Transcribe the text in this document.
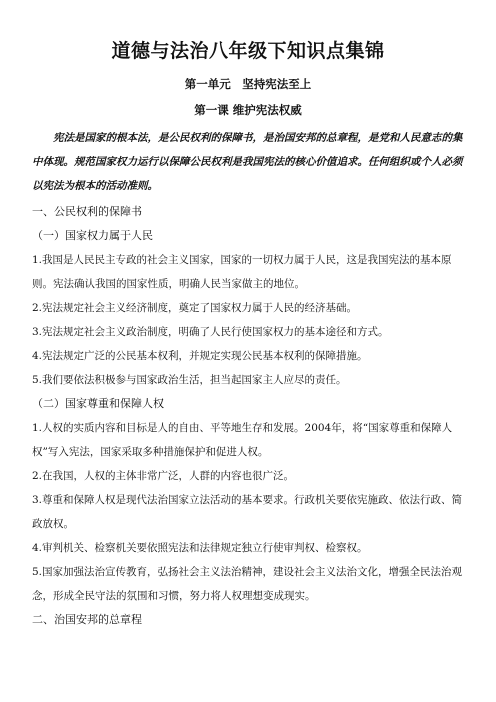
道德与法治八年级下知识点集锦
第一单元　坚持宪法至上
第一课 维护宪法权威

宪法是国家的根本法，是公民权利的保障书，是治国安邦的总章程，是党和人民意志的集中体现。规范国家权力运行以保障公民权利是我国宪法的核心价值追求。任何组织或个人必须以宪法为根本的活动准则。

一、公民权利的保障书

（一）国家权力属于人民

1.我国是人民民主专政的社会主义国家，国家的一切权力属于人民，这是我国宪法的基本原则。宪法确认我国的国家性质，明确人民当家做主的地位。

2.宪法规定社会主义经济制度，奠定了国家权力属于人民的经济基础。

3.宪法规定社会主义政治制度，明确了人民行使国家权力的基本途径和方式。

4.宪法规定广泛的公民基本权利，并规定实现公民基本权利的保障措施。

5.我们要依法积极参与国家政治生活，担当起国家主人应尽的责任。

（二）国家尊重和保障人权

1.人权的实质内容和目标是人的自由、平等地生存和发展。2004年，将“国家尊重和保障人权”写入宪法，国家采取多种措施保护和促进人权。

2.在我国，人权的主体非常广泛，人群的内容也很广泛。

3.尊重和保障人权是现代法治国家立法活动的基本要求。行政机关要依宪施政、依法行政、简政放权。

4.审判机关、检察机关要依照宪法和法律规定独立行使审判权、检察权。

5.国家加强法治宣传教育，弘扬社会主义法治精神，建设社会主义法治文化，增强全民法治观念，形成全民守法的氛围和习惯，努力将人权理想变成现实。

二、治国安邦的总章程
